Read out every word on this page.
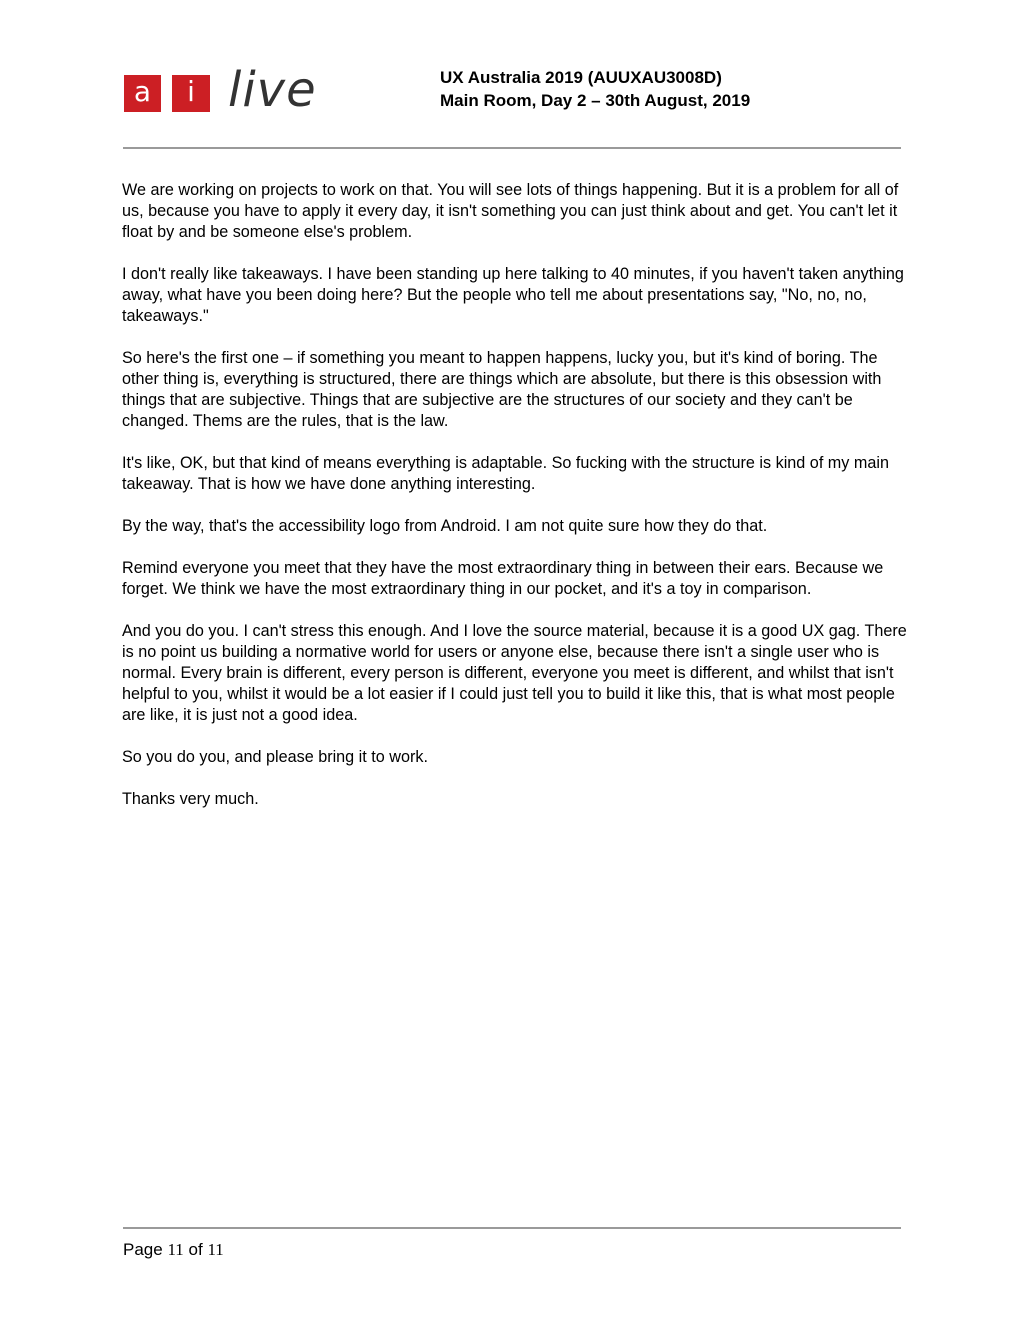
a	i live	UX Australia 2019 (AUUXAU3008D)
Main Room, Day 2 – 30th August, 2019

We are working on projects to work on that. You will see lots of things happening. But it is a problem for all of us, because you have to apply it every day, it isn't something you can just think about and get. You can't let it float by and be someone else's problem.

I don't really like takeaways. I have been standing up here talking to 40 minutes, if you haven't taken anything away, what have you been doing here? But the people who tell me about presentations say, "No, no, no, takeaways."

So here's the first one – if something you meant to happen happens, lucky you, but it's kind of boring. The other thing is, everything is structured, there are things which are absolute, but there is this obsession with things that are subjective. Things that are subjective are the structures of our society and they can't be changed. Thems are the rules, that is the law.

It's like, OK, but that kind of means everything is adaptable. So fucking with the structure is kind of my main takeaway. That is how we have done anything interesting.

By the way, that's the accessibility logo from Android. I am not quite sure how they do that.

Remind everyone you meet that they have the most extraordinary thing in between their ears. Because we forget. We think we have the most extraordinary thing in our pocket, and it's a toy in comparison.

And you do you. I can't stress this enough. And I love the source material, because it is a good UX gag. There is no point us building a normative world for users or anyone else, because there isn't a single user who is normal. Every brain is different, every person is different, everyone you meet is different, and whilst that isn't helpful to you, whilst it would be a lot easier if I could just tell you to build it like this, that is what most people are like, it is just not a good idea.

So you do you, and please bring it to work.

Thanks very much.

Page 11 of 11
